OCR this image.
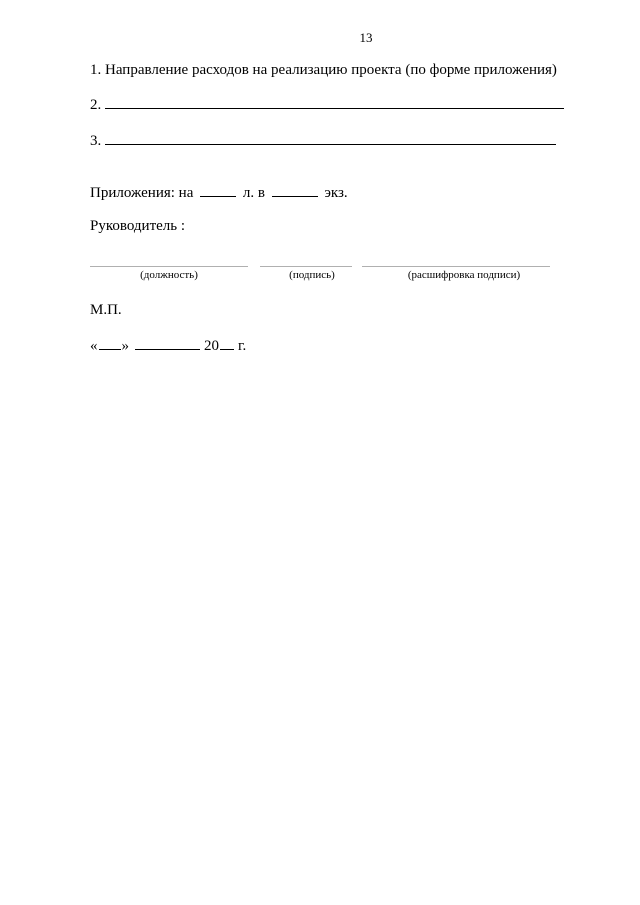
13
1. Направление расходов на реализацию проекта (по форме приложения)
2.
3.
Приложения: на	л. в	экз.
Руководитель :
(должность)	(подпись)	(расшифровка подписи)
М.П.
« »	20 г.
